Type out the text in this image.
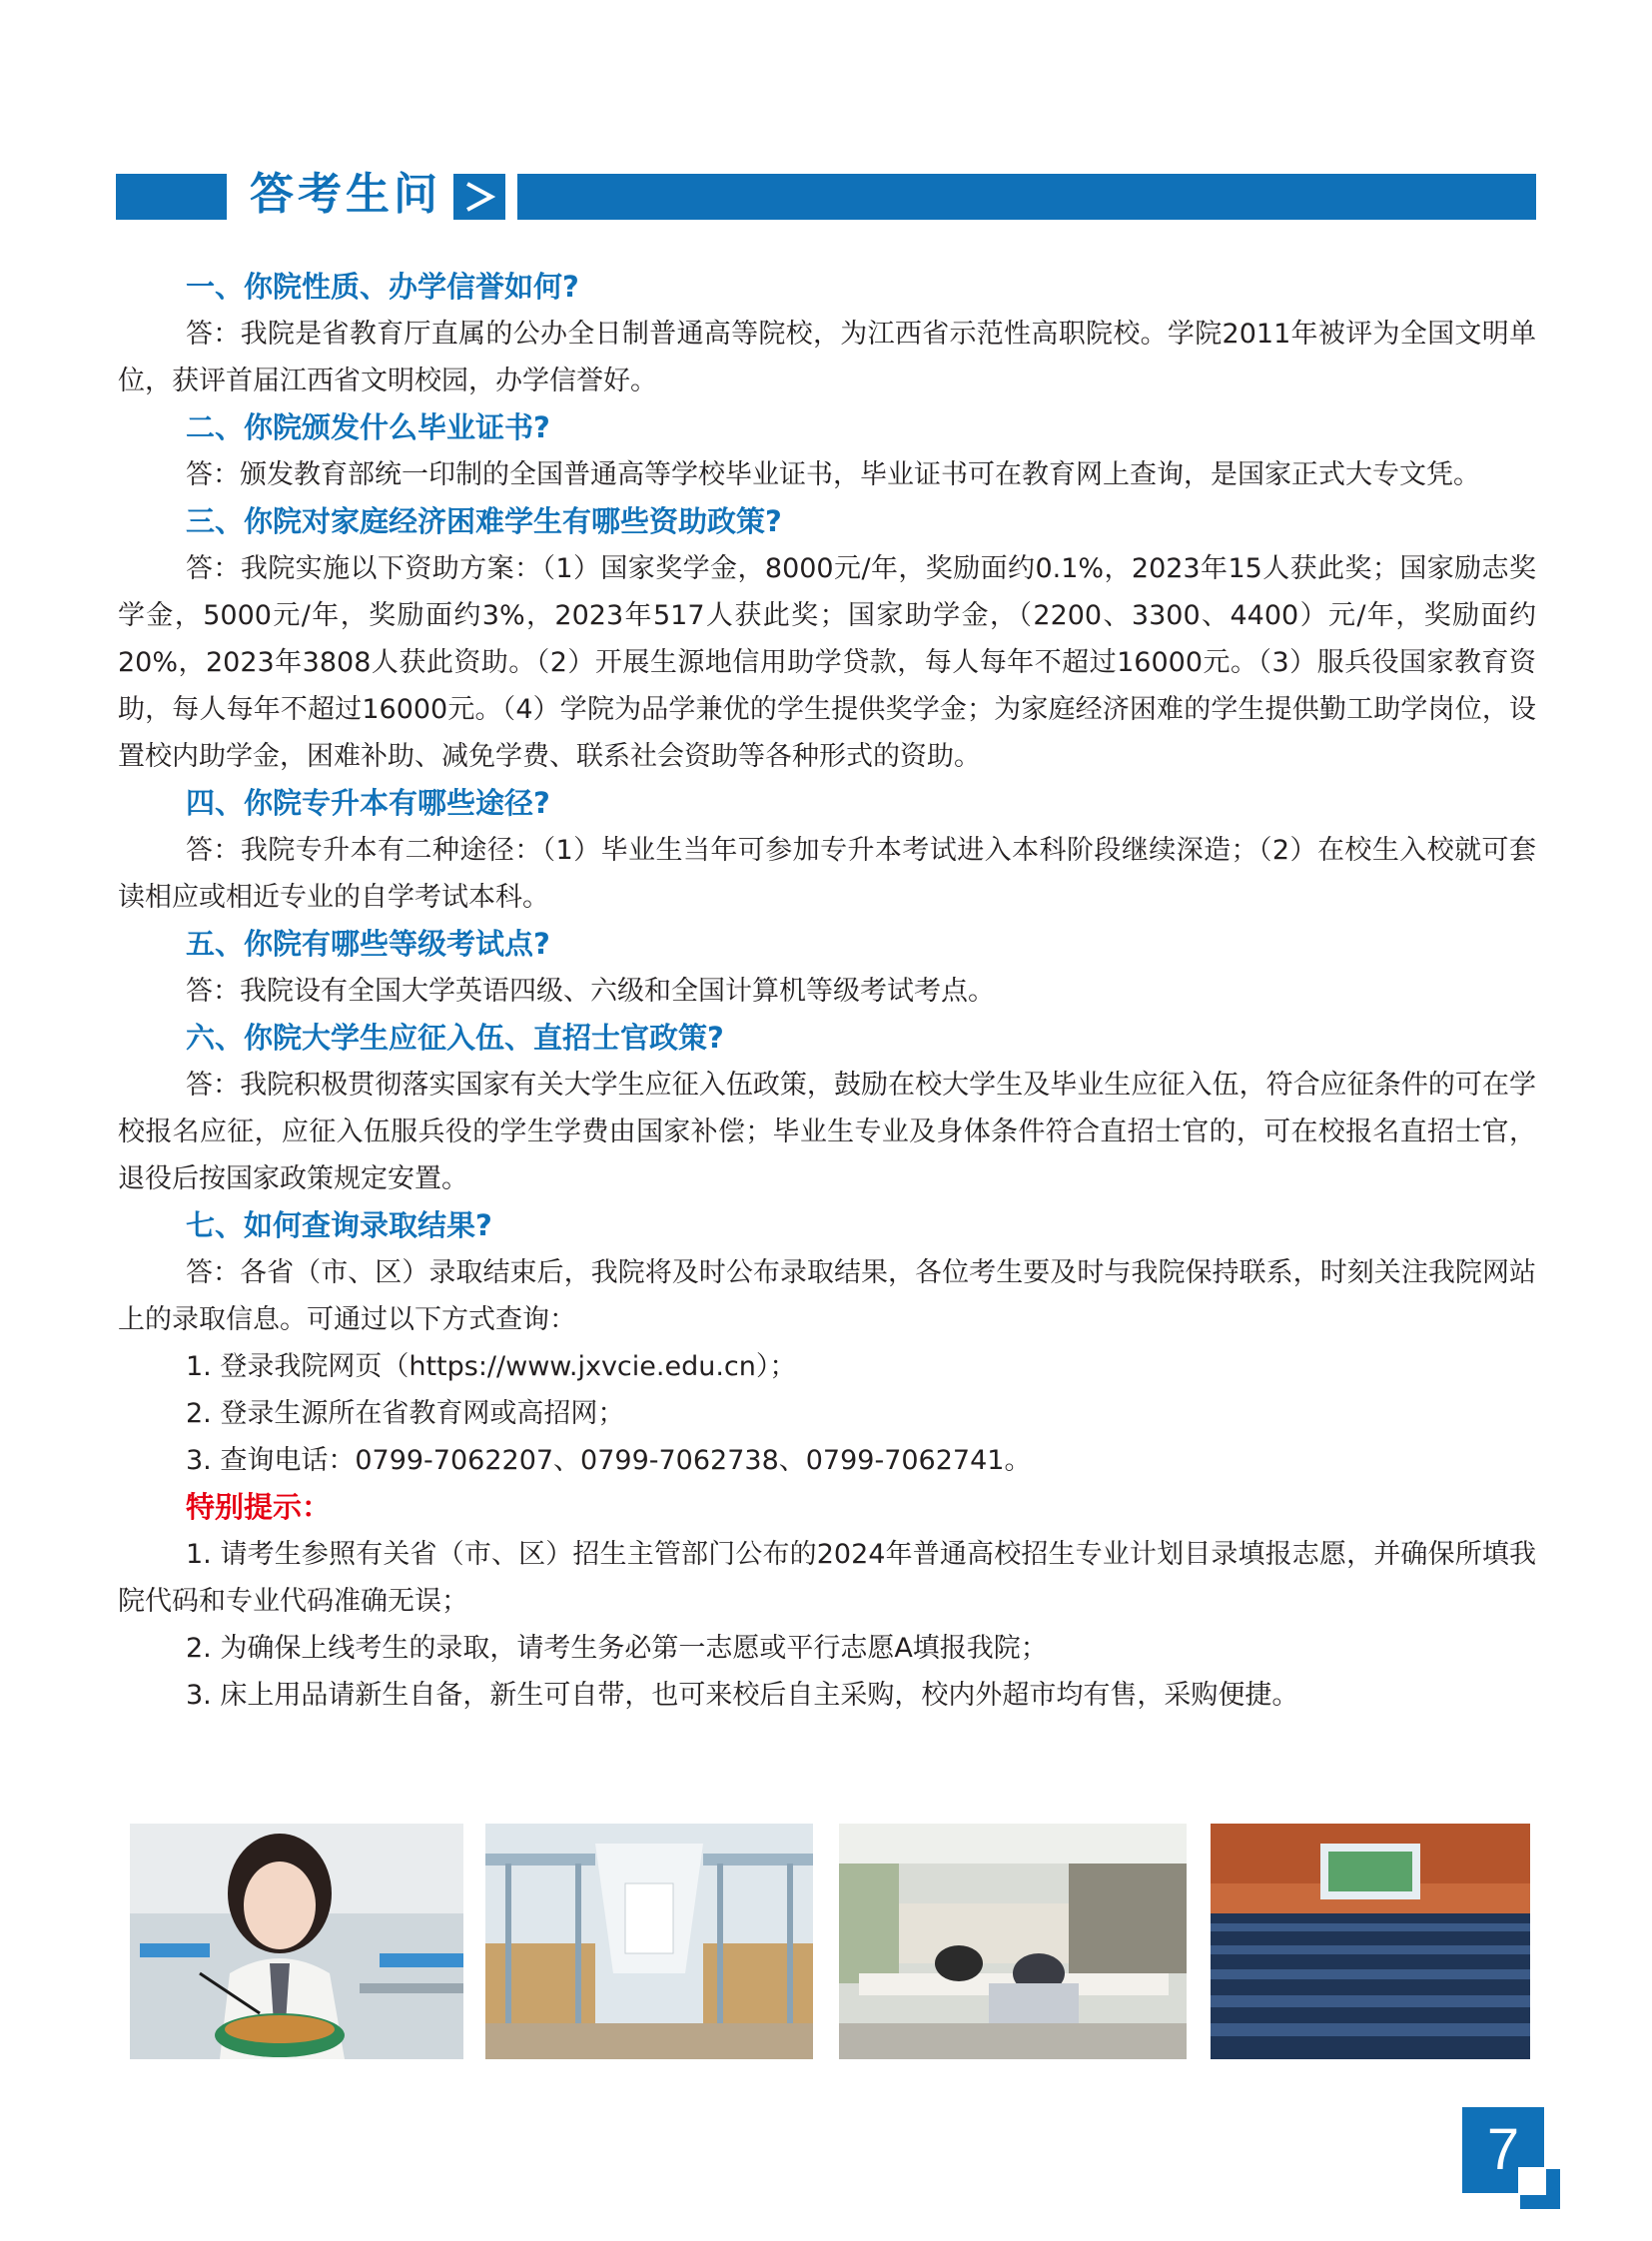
答考生问

一、你院性质、办学信誉如何?

答：我院是省教育厅直属的公办全日制普通高等院校，为江西省示范性高职院校。学院2011年被评为全国文明单位，获评首届江西省文明校园，办学信誉好。

二、你院颁发什么毕业证书?

答：颁发教育部统一印制的全国普通高等学校毕业证书，毕业证书可在教育网上查询，是国家正式大专文凭。

三、你院对家庭经济困难学生有哪些资助政策?

答：我院实施以下资助方案：（1）国家奖学金，8000元/年，奖励面约0.1%，2023年15人获此奖；国家励志奖学金，5000元/年，奖励面约3%，2023年517人获此奖；国家助学金，（2200、3300、4400）元/年，奖励面约20%，2023年3808人获此资助。（2）开展生源地信用助学贷款，每人每年不超过16000元。（3）服兵役国家教育资助，每人每年不超过16000元。（4）学院为品学兼优的学生提供奖学金；为家庭经济困难的学生提供勤工助学岗位，设置校内助学金，困难补助、减免学费、联系社会资助等各种形式的资助。

四、你院专升本有哪些途径?

答：我院专升本有二种途径：（1）毕业生当年可参加专升本考试进入本科阶段继续深造；（2）在校生入校就可套读相应或相近专业的自学考试本科。

五、你院有哪些等级考试点?

答：我院设有全国大学英语四级、六级和全国计算机等级考试考点。

六、你院大学生应征入伍、直招士官政策?

答：我院积极贯彻落实国家有关大学生应征入伍政策，鼓励在校大学生及毕业生应征入伍，符合应征条件的可在学校报名应征，应征入伍服兵役的学生学费由国家补偿；毕业生专业及身体条件符合直招士官的，可在校报名直招士官，退役后按国家政策规定安置。

七、如何查询录取结果?

答：各省（市、区）录取结束后，我院将及时公布录取结果，各位考生要及时与我院保持联系，时刻关注我院网站上的录取信息。可通过以下方式查询：

1. 登录我院网页（https://www.jxvcie.edu.cn）；

2. 登录生源所在省教育网或高招网；

3. 查询电话：0799-7062207、0799-7062738、0799-7062741。

特别提示：

1. 请考生参照有关省（市、区）招生主管部门公布的2024年普通高校招生专业计划目录填报志愿，并确保所填我院代码和专业代码准确无误；

2. 为确保上线考生的录取，请考生务必第一志愿或平行志愿A填报我院；

3. 床上用品请新生自备，新生可自带，也可来校后自主采购，校内外超市均有售，采购便捷。

7
